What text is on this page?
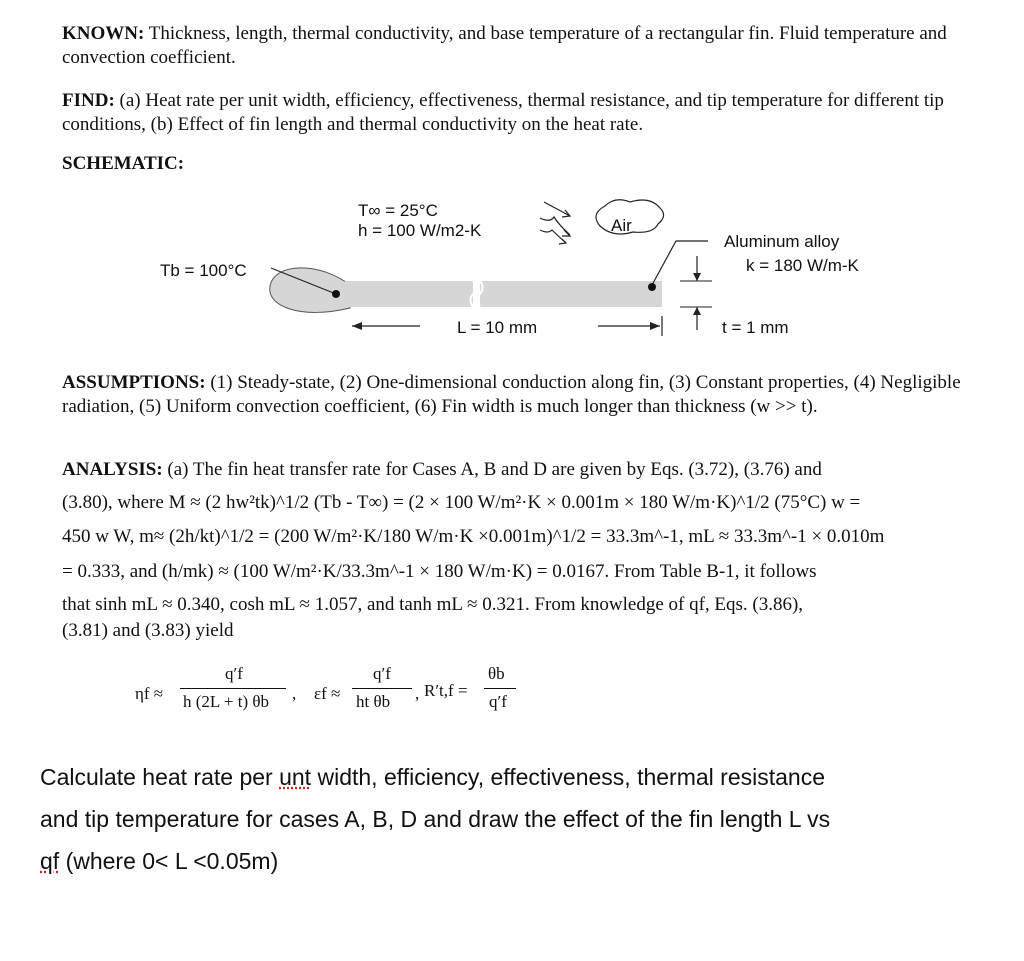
KNOWN: Thickness, length, thermal conductivity, and base temperature of a rectangular fin. Fluid temperature and convection coefficient.
FIND: (a) Heat rate per unit width, efficiency, effectiveness, thermal resistance, and tip temperature for different tip conditions, (b) Effect of fin length and thermal conductivity on the heat rate.
SCHEMATIC:
T∞ = 25°C
h = 100 W/m2-K	Air
Aluminum alloy
k = 180 W/m-K
Tb = 100°C
L = 10 mm	t = 1 mm
ASSUMPTIONS: (1) Steady-state, (2) One-dimensional conduction along fin, (3) Constant properties, (4) Negligible radiation, (5) Uniform convection coefficient, (6) Fin width is much longer than thickness (w >> t).
ANALYSIS: (a) The fin heat transfer rate for Cases A, B and D are given by Eqs. (3.72), (3.76) and
(3.80), where M ≈ (2 hw²tk)^1/2 (Tb - T∞) = (2 × 100 W/m²·K × 0.001m × 180 W/m·K)^1/2 (75°C) w =
450 w W, m≈ (2h/kt)^1/2 = (200 W/m²·K/180 W/m·K ×0.001m)^1/2 = 33.3m^-1, mL ≈ 33.3m^-1 × 0.010m
= 0.333, and (h/mk) ≈ (100 W/m²·K/33.3m^-1 × 180 W/m·K) = 0.0167. From Table B-1, it follows
that sinh mL ≈ 0.340, cosh mL ≈ 1.057, and tanh mL ≈ 0.321. From knowledge of qf, Eqs. (3.86),
(3.81) and (3.83) yield
ηf ≈
q′f
h (2L + t) θb , εf ≈
q′f
ht θb , R′t,f =
θb
q′f
Calculate heat rate per unt width, efficiency, effectiveness, thermal resistance
and tip temperature for cases A, B, D and draw the effect of the fin length L vs
qf (where 0< L <0.05m)
